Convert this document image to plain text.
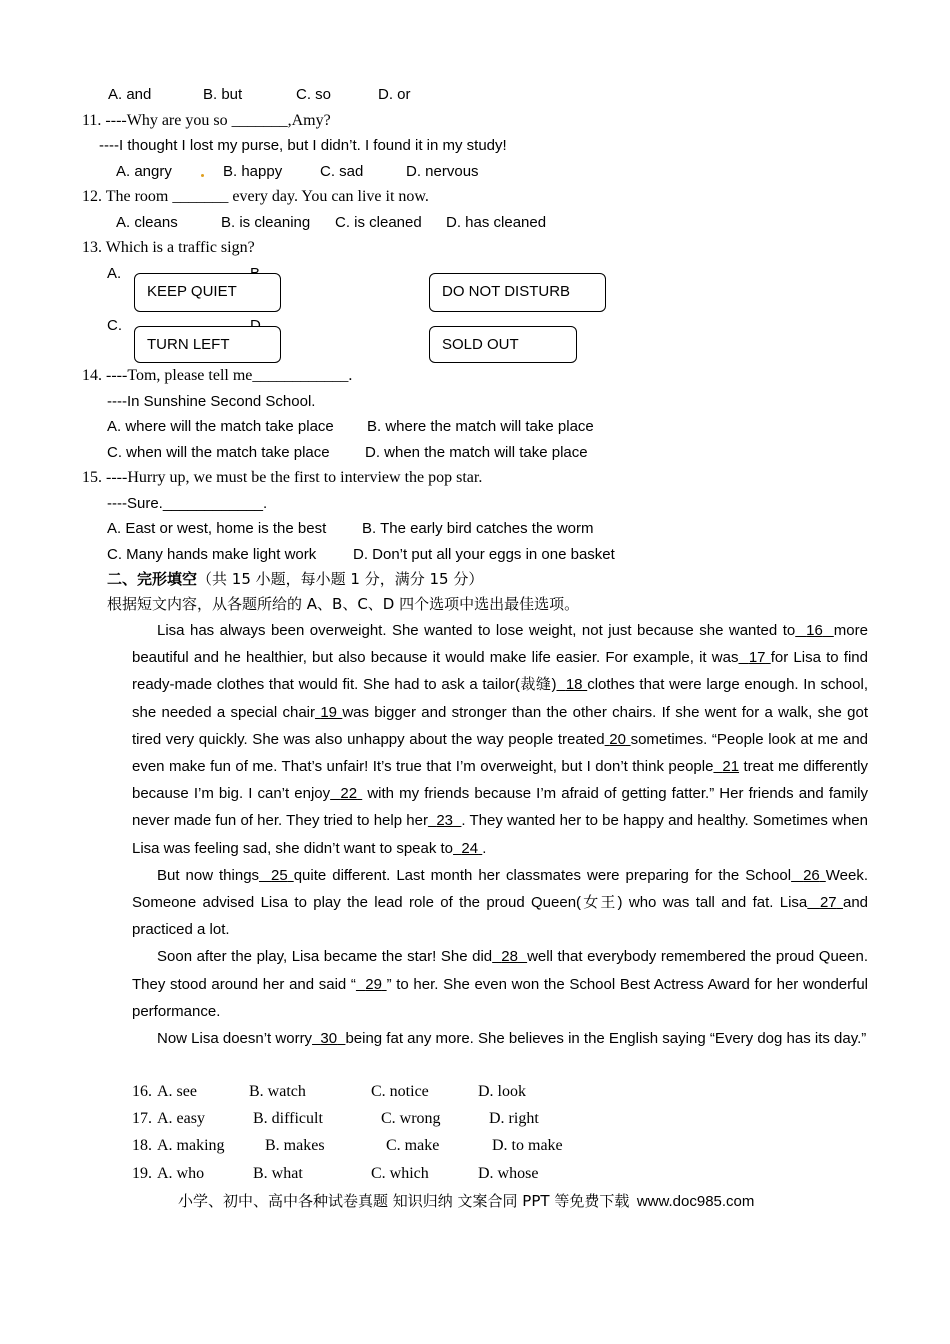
A. and	B. but	C. so	D. or
11. ----Why are you so _______,Amy?
----I thought I lost my purse, but I didn’t. I found it in my study!
A. angry	B. happy	C. sad	D. nervous
12. The room _______ every day. You can live it now.
A. cleans	B. is cleaning C. is cleaned D. has cleaned
13. Which is a traffic sign?
A.
C.
KEEP QUIET	DO NOT DISTURB
TURN LEFT	SOLD OUT
14. ----Tom, please tell me____________.
----In Sunshine Second School.
A. where will the match take place B. where the match will take place
C. when will the match take place D. when the match will take place
15. ----Hurry up, we must be the first to interview the pop star.
----Sure.____________.
A. East or west, home is the best B. The early bird catches the worm
C. Many hands make light work D. Don’t put all your eggs in one basket
二、完形填空（共 15 小题，每小题 1 分，满分 15 分）
根据短文内容，从各题所给的 A、B、C、D 四个选项中选出最佳选项。

Lisa has always been overweight. She wanted to lose weight, not just because she wanted to 16 more beautiful and he healthier, but also because it would make life easier. For example, it was 17 for Lisa to find ready-made clothes that would fit. She had to ask a tailor(裁缝) 18 clothes that were large enough. In school, she needed a special chair 19 was bigger and stronger than the other chairs. If she went for a walk, she got tired very quickly. She was also unhappy about the way people treated 20 sometimes. “People look at me and even make fun of me. That’s unfair! It’s true that I’m overweight, but I don’t think people 21 treat me differently because I’m big. I can’t enjoy 22 with my friends because I’m afraid of getting fatter.” Her friends and family never made fun of her. They tried to help her 23 . They wanted her to be happy and healthy. Sometimes when Lisa was feeling sad, she didn’t want to speak to 24 .

But now things 25 quite different. Last month her classmates were preparing for the School 26 Week. Someone advised Lisa to play the lead role of the proud Queen(女王) who was tall and fat. Lisa 27 and practiced a lot.

Soon after the play, Lisa became the star! She did 28 well that everybody remembered the proud Queen. They stood around her and said “ 29 ” to her. She even won the School Best Actress Award for her wonderful performance.

Now Lisa doesn’t worry 30 being fat any more. She believes in the English saying “Every dog has its day.”

16. A. see	B. watch	C. notice	D. look
17. A. easy	B. difficult	C. wrong	D. right
18. A. making	B. makes	C. make	D. to make
19. A. who	B. what	C. which	D. whose
小学、初中、高中各种试卷真题 知识归纳 文案合同 PPT 等免费下载 www.doc985.com
